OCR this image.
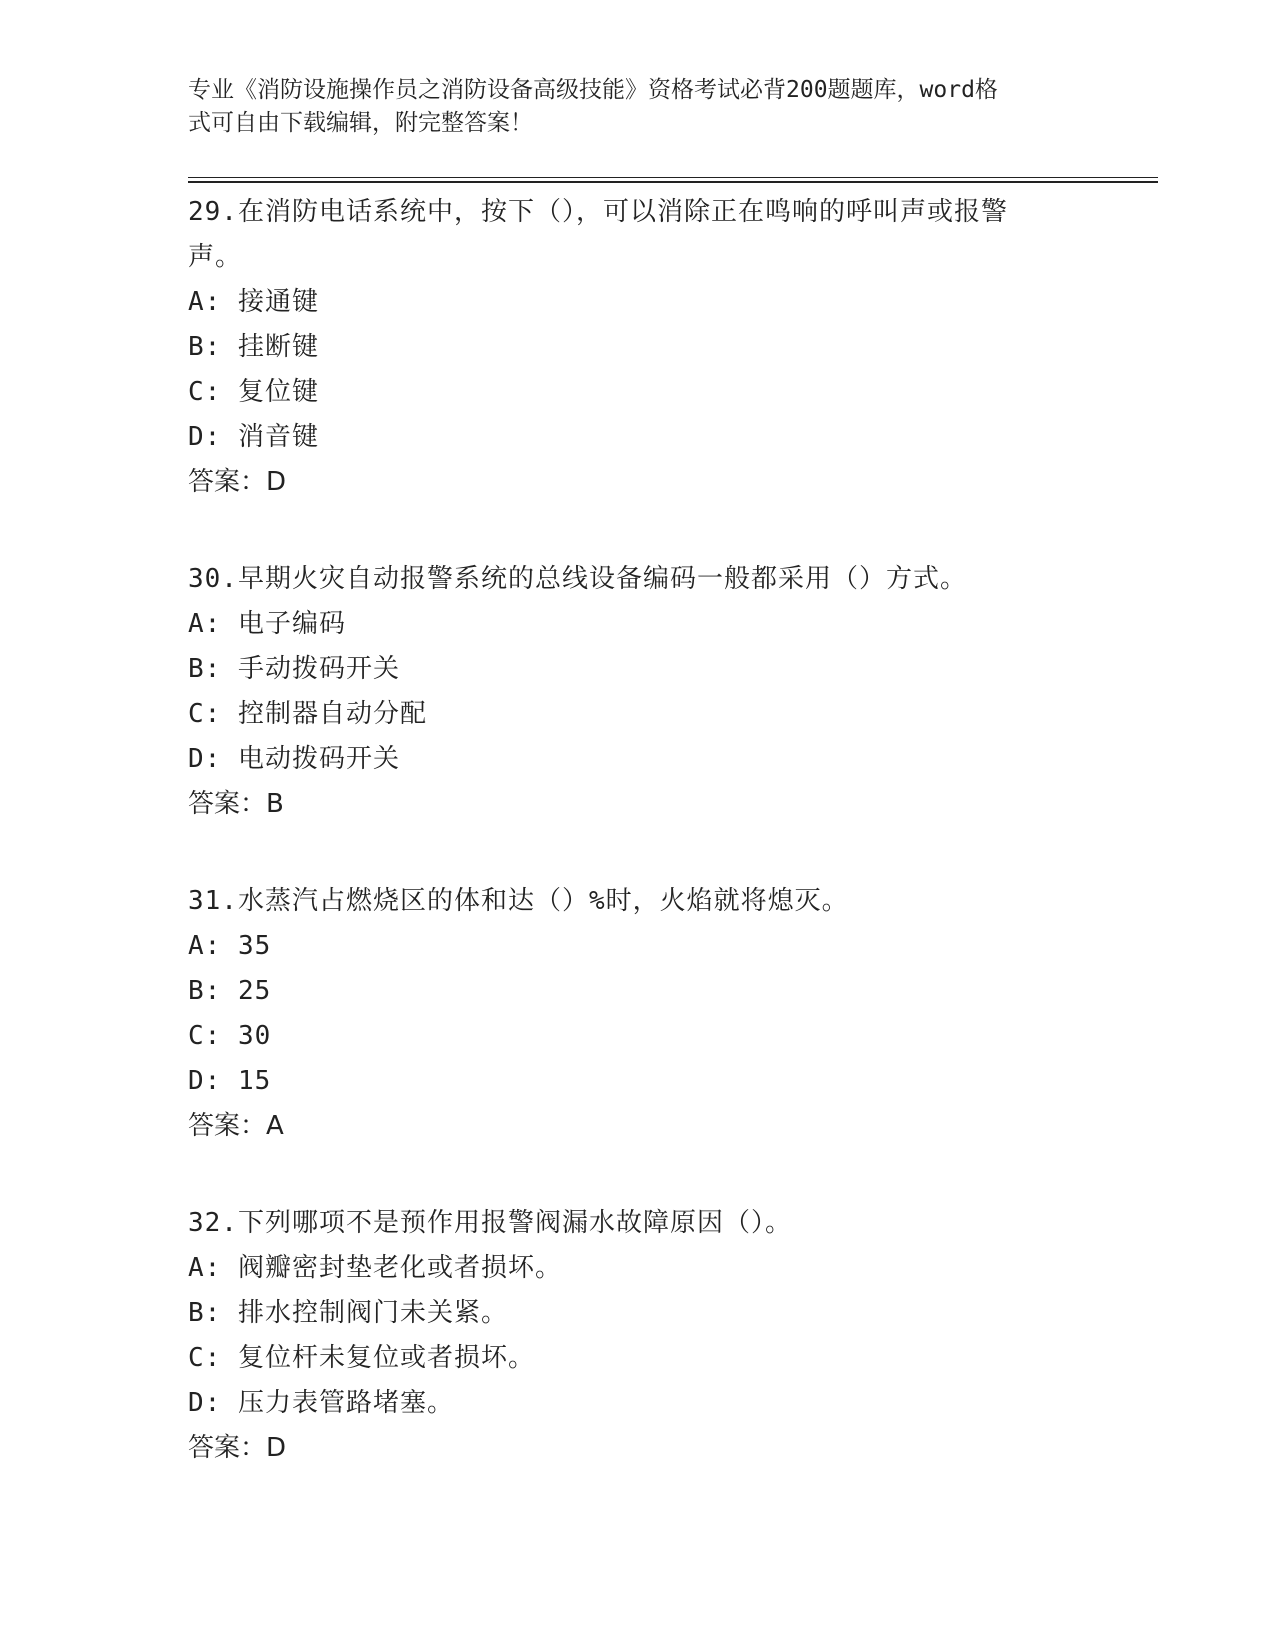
专业《消防设施操作员之消防设备高级技能》资格考试必背200题题库，word格
式可自由下载编辑，附完整答案！

29.在消防电话系统中，按下（），可以消除正在鸣响的呼叫声或报警

声。

A: 接通键

B: 挂断键

C: 复位键

D: 消音键

答案：D

30.早期火灾自动报警系统的总线设备编码一般都采用（）方式。

A: 电子编码

B: 手动拨码开关

C: 控制器自动分配

D: 电动拨码开关

答案：B

31.水蒸汽占燃烧区的体和达（）%时，火焰就将熄灭。

A: 35

B: 25

C: 30

D: 15

答案：A

32.下列哪项不是预作用报警阀漏水故障原因（）。

A: 阀瓣密封垫老化或者损坏。

B: 排水控制阀门未关紧。

C: 复位杆未复位或者损坏。

D: 压力表管路堵塞。

答案：D
